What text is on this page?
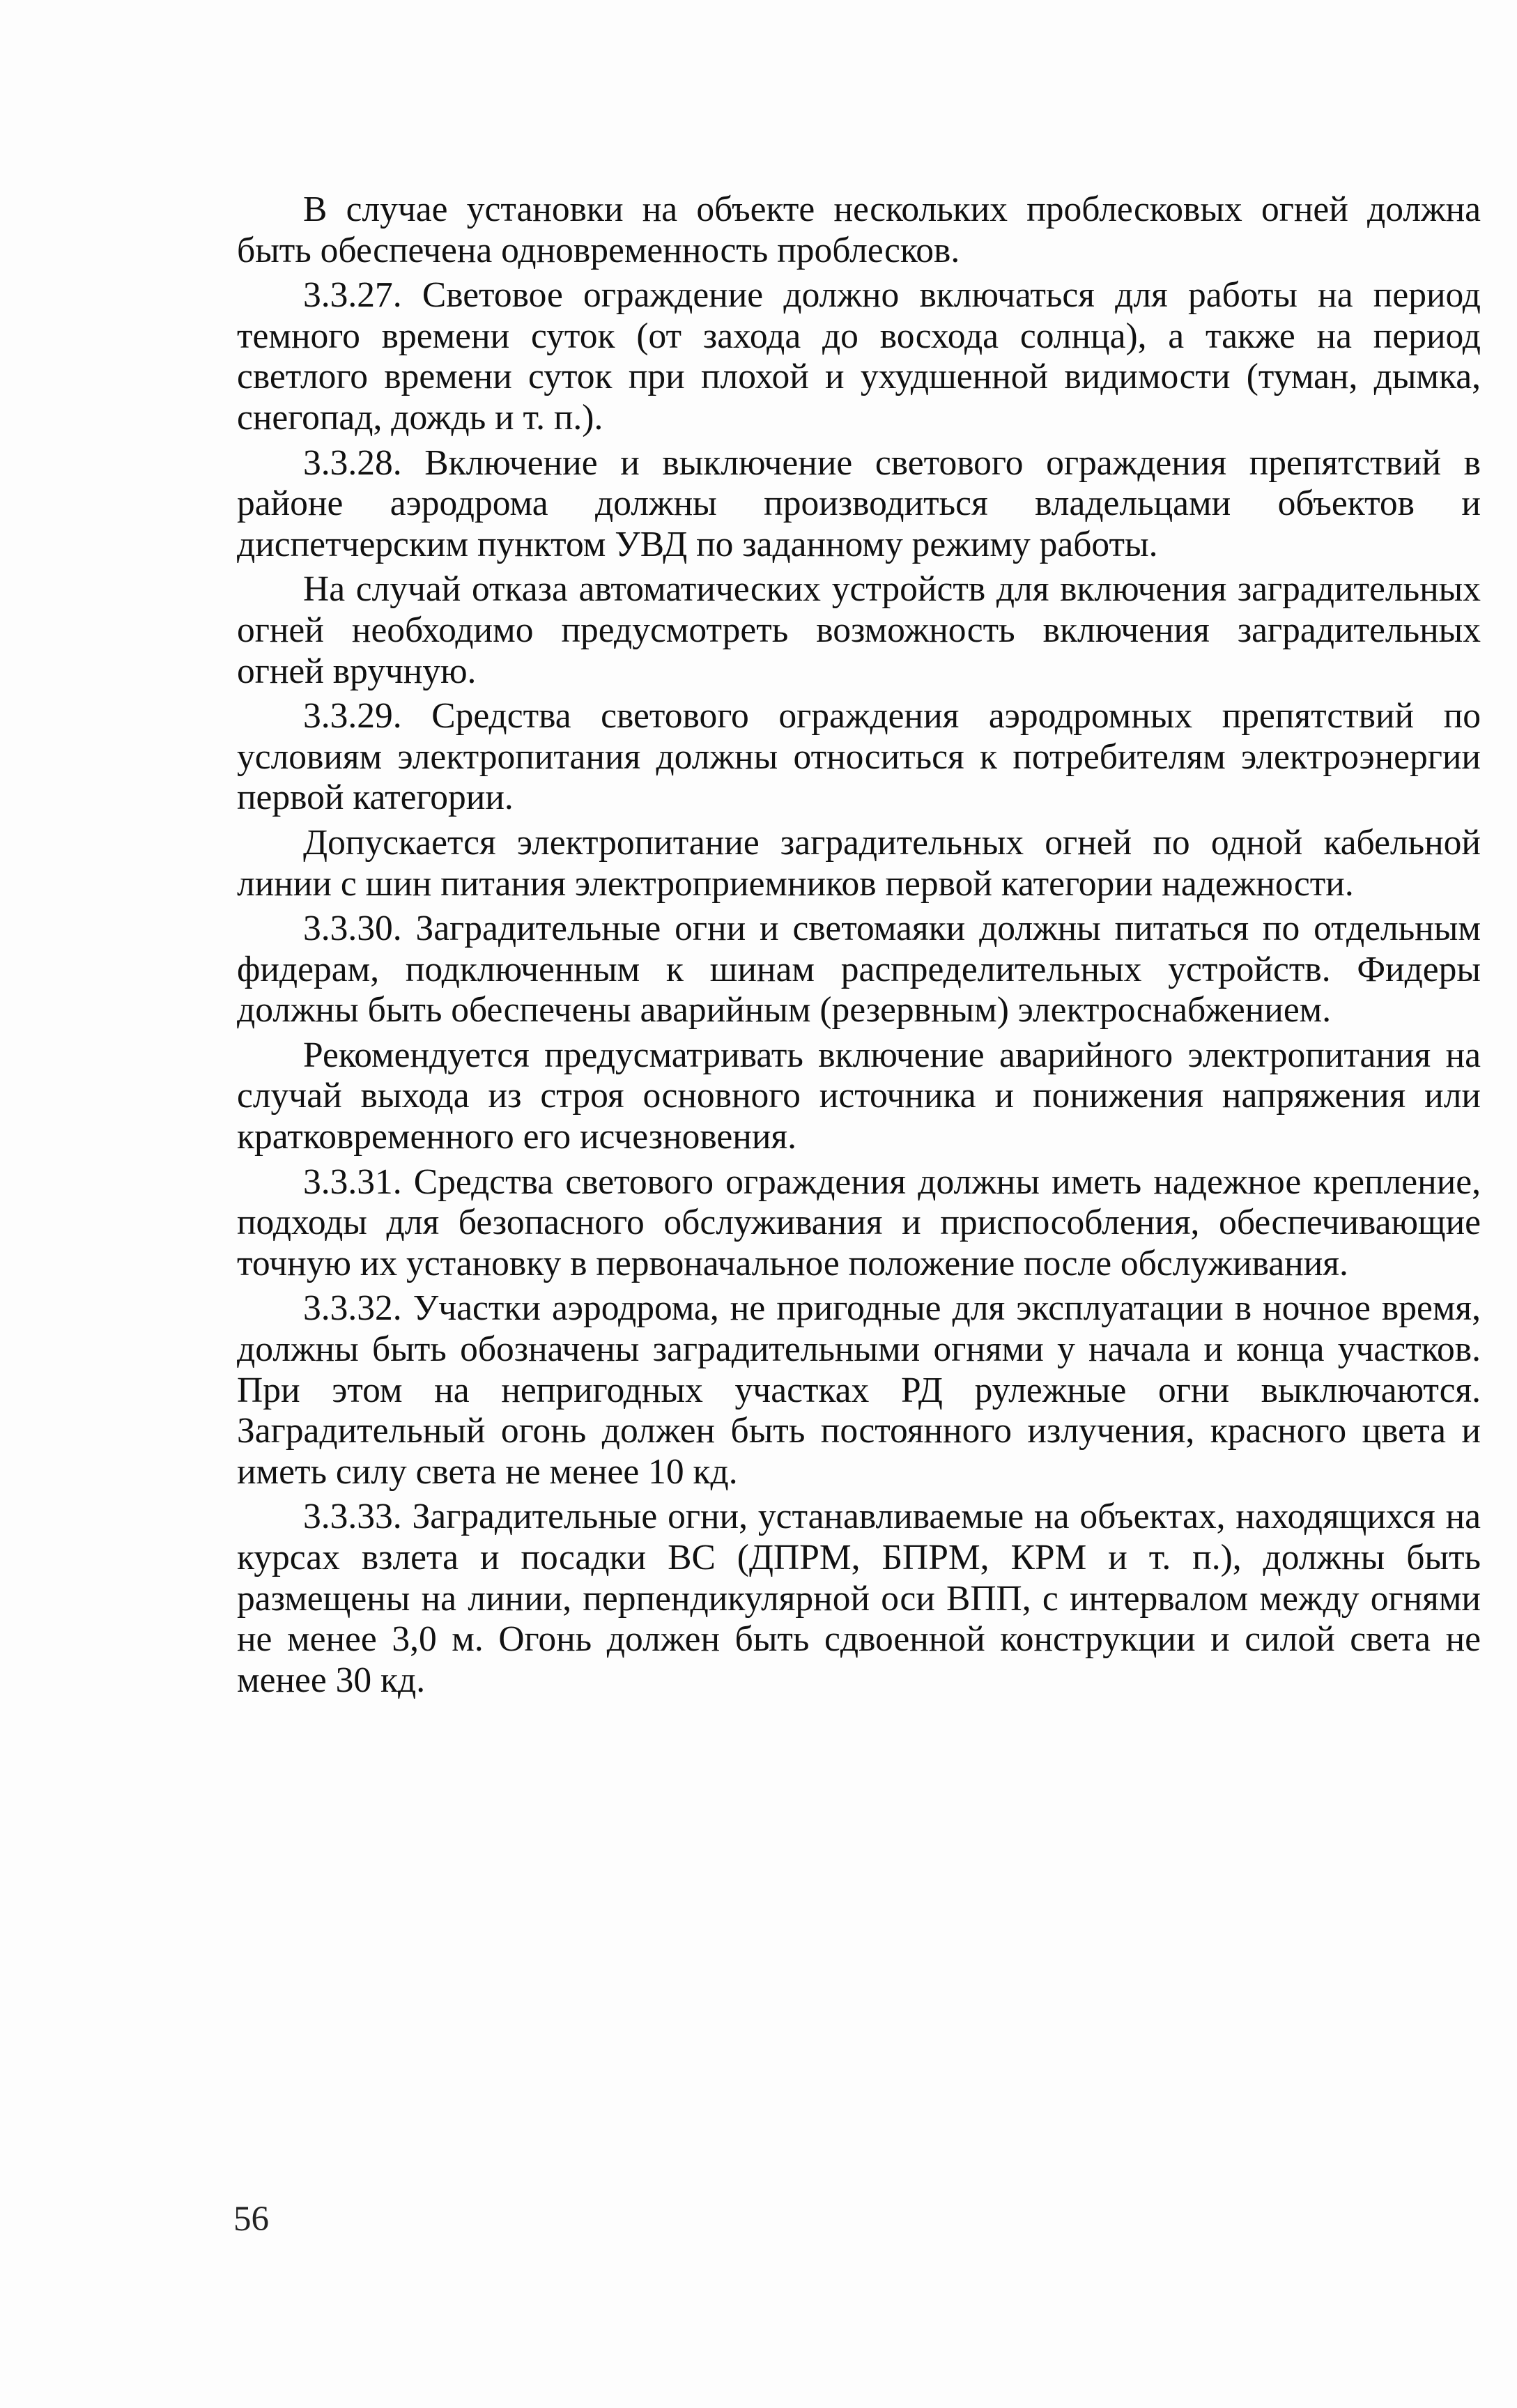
В случае установки на объекте нескольких проблесковых огней должна быть обеспечена одновременность проблесков.

3.3.27. Световое ограждение должно включаться для работы на период темного времени суток (от захода до восхода солнца), а также на период светлого времени суток при плохой и ухудшенной видимости (туман, дымка, снегопад, дождь и т. п.).

3.3.28. Включение и выключение светового ограждения препятствий в районе аэродрома должны производиться владельцами объектов и диспетчерским пунктом УВД по заданному режиму работы.

На случай отказа автоматических устройств для включения заградительных огней необходимо предусмотреть возможность включения заградительных огней вручную.

3.3.29. Средства светового ограждения аэродромных препятствий по условиям электропитания должны относиться к потребителям электроэнергии первой категории.

Допускается электропитание заградительных огней по одной кабельной линии с шин питания электроприемников первой категории надежности.

3.3.30. Заградительные огни и светомаяки должны питаться по отдельным фидерам, подключенным к шинам распределительных устройств. Фидеры должны быть обеспечены аварийным (резервным) электроснабжением.

Рекомендуется предусматривать включение аварийного электропитания на случай выхода из строя основного источника и понижения напряжения или кратковременного его исчезновения.

3.3.31. Средства светового ограждения должны иметь надежное крепление, подходы для безопасного обслуживания и приспособления, обеспечивающие точную их установку в первоначальное положение после обслуживания.

3.3.32. Участки аэродрома, не пригодные для эксплуатации в ночное время, должны быть обозначены заградительными огнями у начала и конца участков. При этом на непригодных участках РД рулежные огни выключаются. Заградительный огонь должен быть постоянного излучения, красного цвета и иметь силу света не менее 10 кд.

3.3.33. Заградительные огни, устанавливаемые на объектах, находящихся на курсах взлета и посадки ВС (ДПРМ, БПРМ, КРМ и т. п.), должны быть размещены на линии, перпендикулярной оси ВПП, с интервалом между огнями не менее 3,0 м. Огонь должен быть сдвоенной конструкции и силой света не менее 30 кд.

56
